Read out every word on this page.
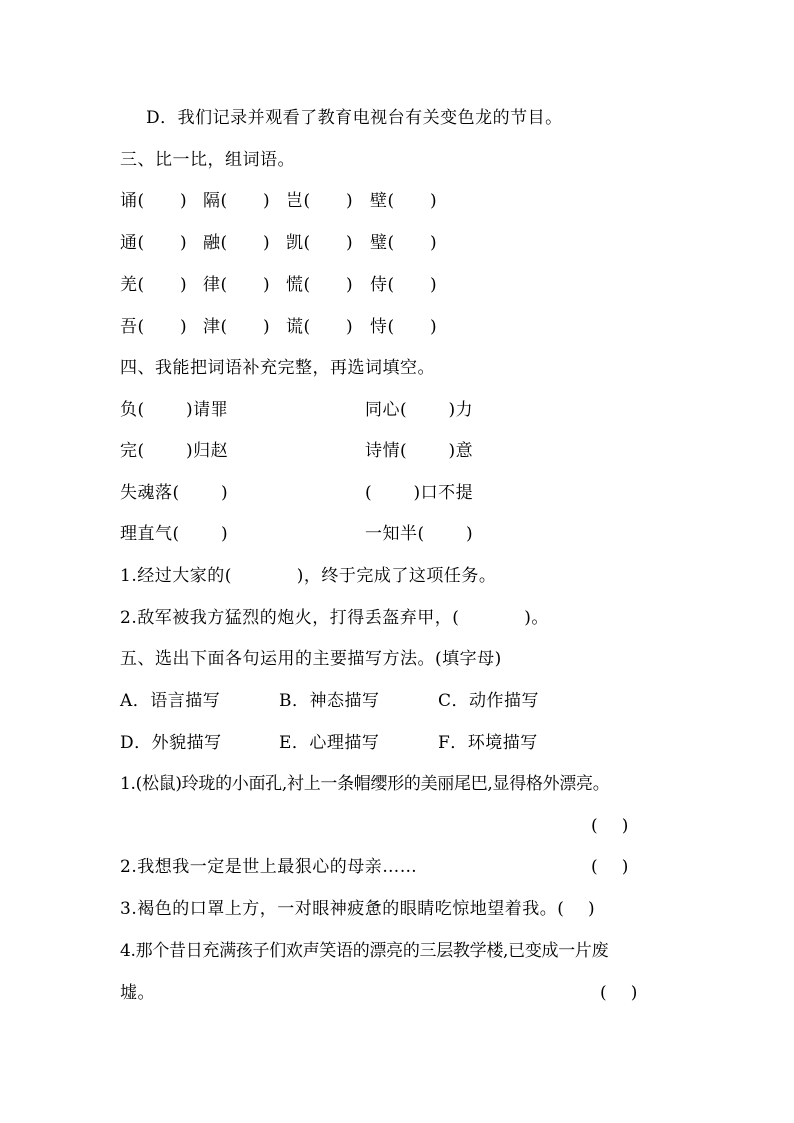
D．我们记录并观看了教育电视台有关变色龙的节目。
三、比一比，组词语。
诵(      ) 隔(      ) 岂(      ) 壁(      )
通(      ) 融(      ) 凯(      ) 璧(      )
羌(      ) 律(      ) 慌(      ) 侍(      )
吾(      ) 津(      ) 谎(      ) 恃(      )
四、我能把词语补充完整，再选词填空。
负(       )请罪	同心(       )力
完(       )归赵	诗情(       )意
失魂落(       )	(       )口不提
理直气(       )	一知半(       )
1.经过大家的(           )，终于完成了这项任务。
2.敌军被我方猛烈的炮火，打得丢盔弃甲，(           )。
五、选出下面各句运用的主要描写方法。(填字母)
A．语言描写	B．神态描写	C．动作描写
D．外貌描写	E．心理描写	F．环境描写
1.(松鼠)玲珑的小面孔,衬上一条帽缨形的美丽尾巴,显得格外漂亮。
(    )
2.我想我一定是世上最狠心的母亲……	(    )
3.褐色的口罩上方，一对眼神疲惫的眼睛吃惊地望着我。(    )
4.那个昔日充满孩子们欢声笑语的漂亮的三层教学楼,已变成一片废
墟。	(    )
